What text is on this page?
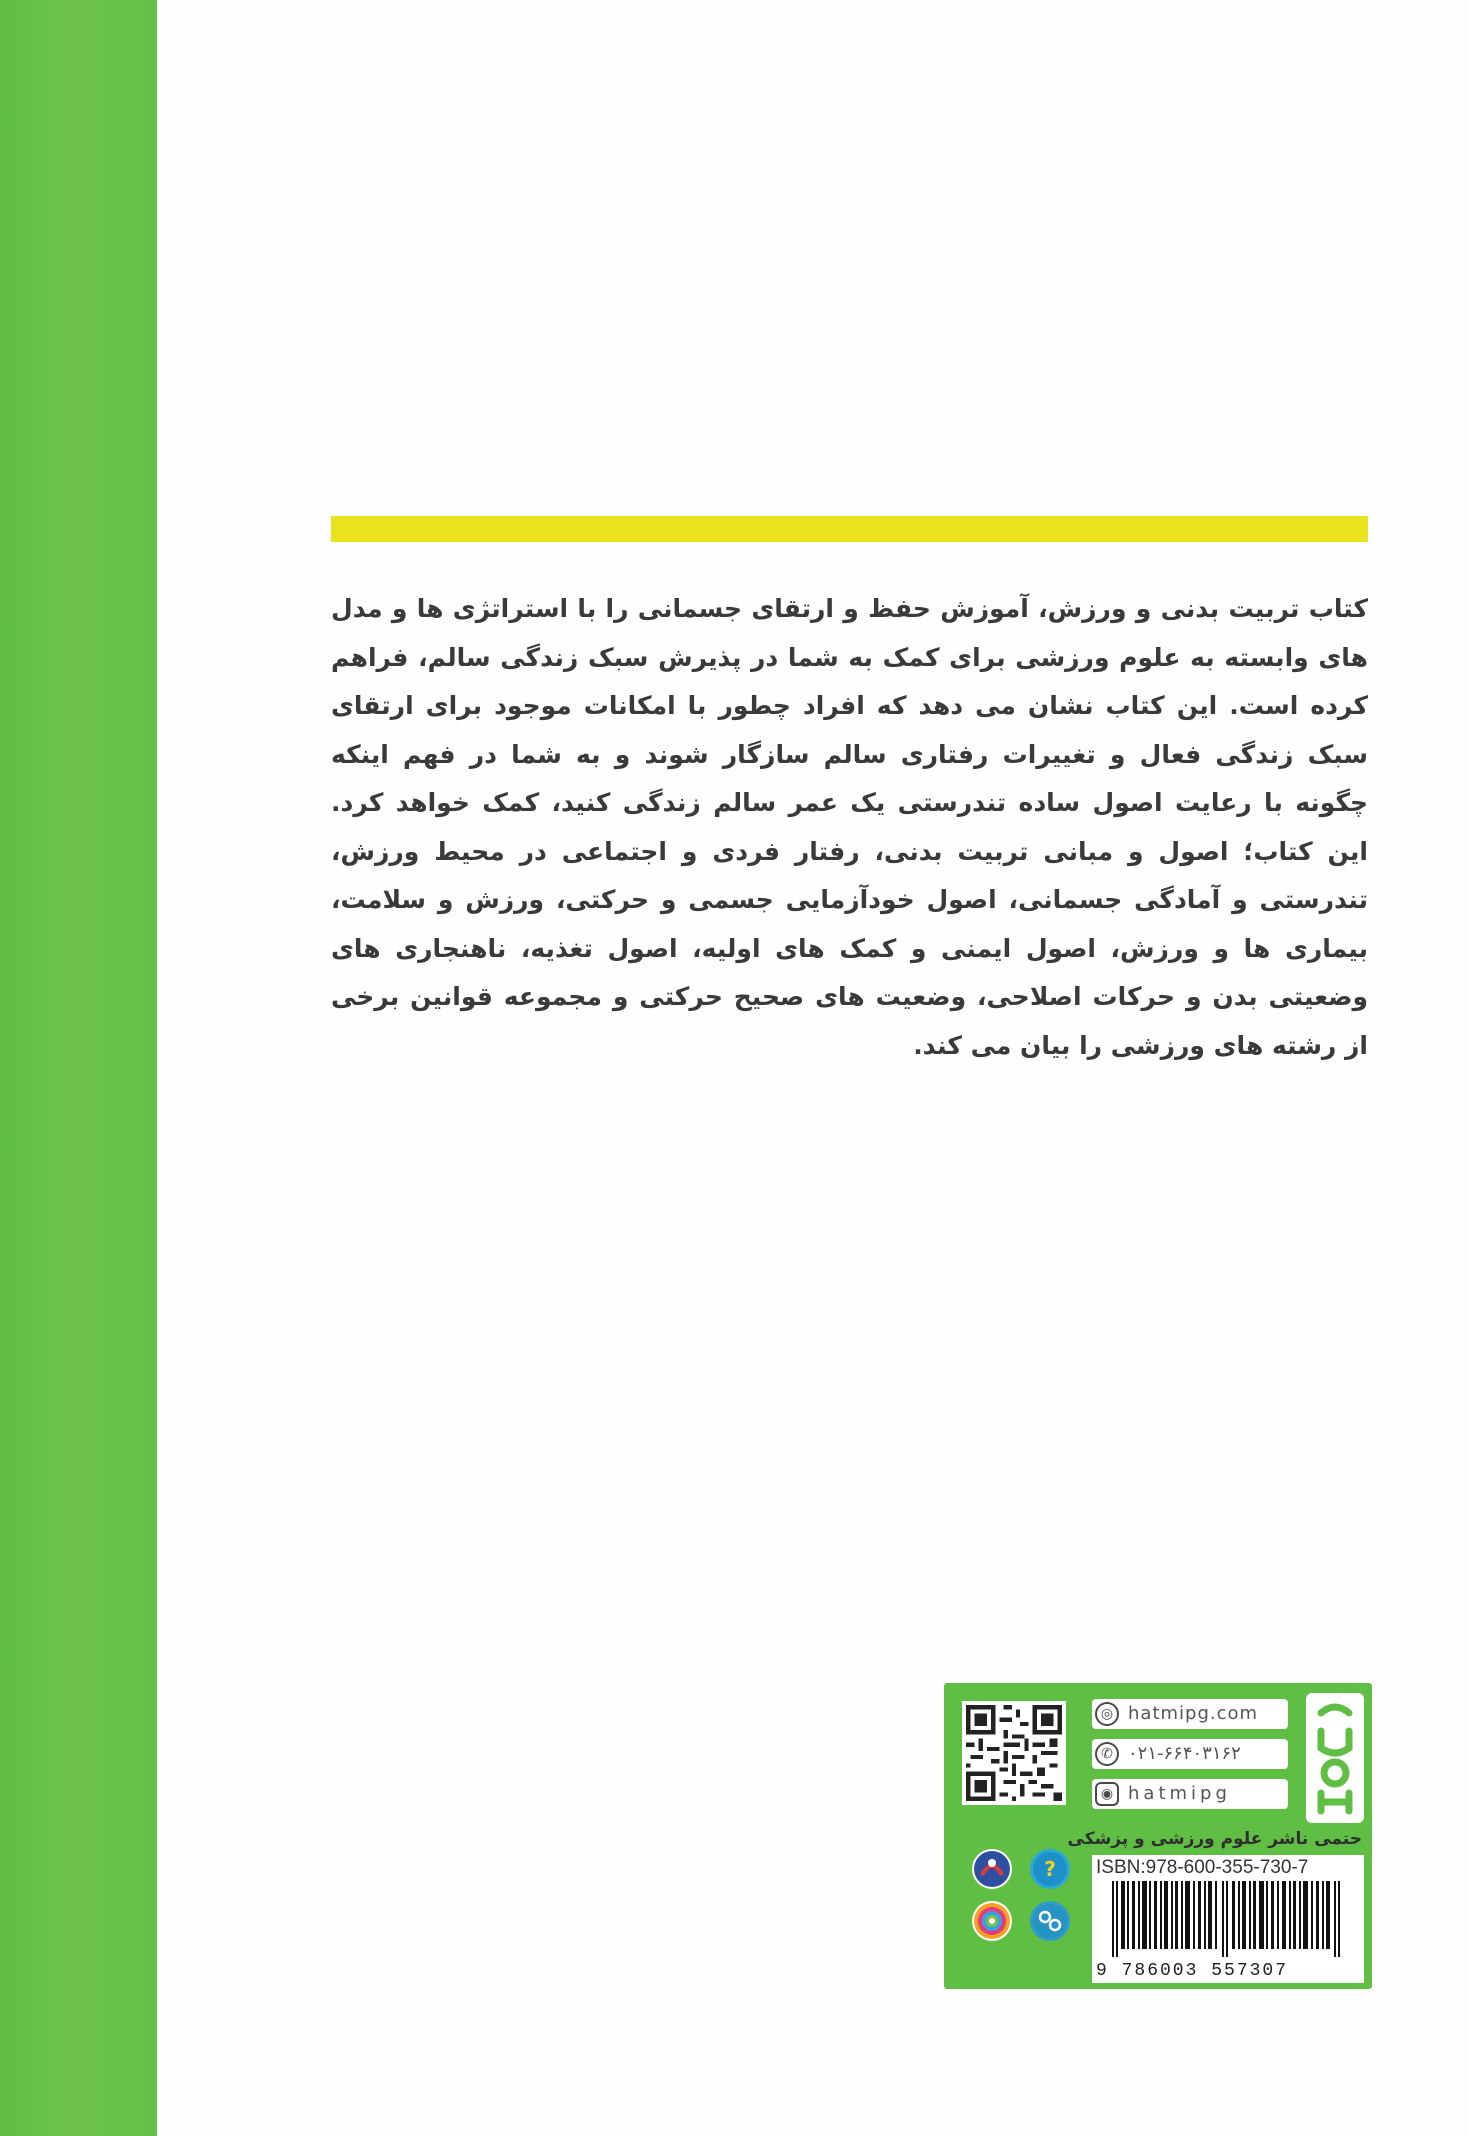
کتاب تربیت بدنی و ورزش، آموزش حفظ و ارتقای جسمانی را با استراتژی ها و مدل های وابسته به علوم ورزشی برای کمک به شما در پذیرش سبک زندگی سالم، فراهم کرده است. این کتاب نشان می دهد که افراد چطور با امکانات موجود برای ارتقای سبک زندگی فعال و تغییرات رفتاری سالم سازگار شوند و به شما در فهم اینکه چگونه با رعایت اصول ساده تندرستی یک عمر سالم زندگی کنید، کمک خواهد کرد. این کتاب؛ اصول و مبانی تربیت بدنی، رفتار فردی و اجتماعی در محیط ورزش، تندرستی و آمادگی جسمانی، اصول خودآزمایی جسمی و حرکتی، ورزش و سلامت، بیماری ها و ورزش، اصول ایمنی و کمک های اولیه، اصول تغذیه، ناهنجاری های وضعیتی بدن و حرکات اصلاحی، وضعیت های صحیح حرکتی و مجموعه قوانین برخی از رشته های ورزشی را بیان می کند.
◎ hatmipg.com
✆ ۰۲۱-۶۶۴۰۳۱۶۲
◉ hatmipg
حتمی ناشر علوم ورزشی و پزشکی
ISBN:978-600-355-730-7
9 786003 557307
?
